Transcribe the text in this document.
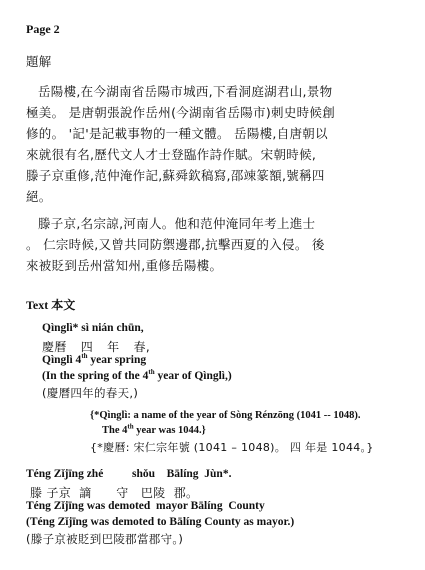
Page 2
題解
岳陽樓,在今湖南省岳陽市城西,下看洞庭湖君山,景物
極美。 是唐朝張說作岳州(今湖南省岳陽市)刺史時候創
修的。 '記'是記載事物的一種文體。 岳陽樓,自唐朝以
來就很有名,歷代文人才士登臨作詩作賦。宋朝時候,
滕子京重修,范仲淹作記,蘇舜欽稿寫,邵竦篆額,號稱四
絕。
滕子京,名宗諒,河南人。他和范仲淹同年考上進士
。 仁宗時候,又曾共同防禦邊郡,抗擊西夏的入侵。 後
來被貶到岳州當知州,重修岳陽樓。
Text 本文
Qìnglì* sì nián chūn,
慶曆 四 年 春,
Qìnglì 4th year spring
(In the spring of the 4th year of Qìnglì,)
(慶曆四年的春天,)
{*Qìnglì: a name of the year of Sòng Rénzōng (1041 -- 1048).
The 4th year was 1044.}
{*慶曆: 宋仁宗年號 (1041 – 1048)。 四 年是 1044。}
Téng Zǐjīng zhé          shǒu    Bālíng  Jùn*.
滕 子京  謫      守   巴陵  郡。
Téng Zǐjīng was demoted  mayor Bālíng  County
(Téng Zǐjīng was demoted to Bālíng County as mayor.)
(滕子京被貶到巴陵郡當郡守。)
